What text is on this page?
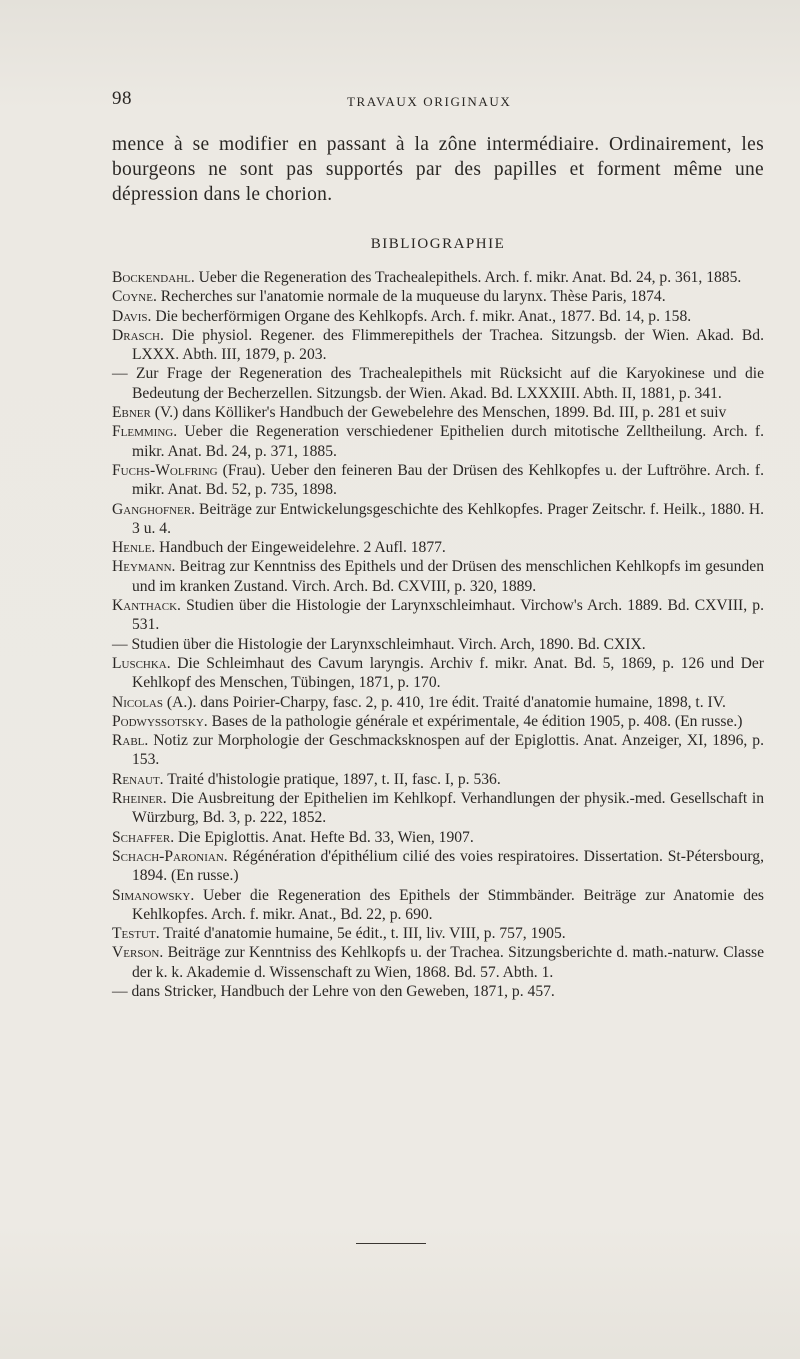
98	TRAVAUX ORIGINAUX

mence à se modifier en passant à la zône intermédiaire. Ordinairement, les bourgeons ne sont pas supportés par des papilles et forment même une dépression dans le chorion.

BIBLIOGRAPHIE

Bockendahl. Ueber die Regeneration des Trachealepithels. Arch. f. mikr. Anat. Bd. 24, p. 361, 1885.

Coyne. Recherches sur l'anatomie normale de la muqueuse du larynx. Thèse Paris, 1874.

Davis. Die becherförmigen Organe des Kehlkopfs. Arch. f. mikr. Anat., 1877. Bd. 14, p. 158.

Drasch. Die physiol. Regener. des Flimmerepithels der Trachea. Sitzungsb. der Wien. Akad. Bd. LXXX. Abth. III, 1879, p. 203.

— Zur Frage der Regeneration des Trachealepithels mit Rücksicht auf die Karyokinese und die Bedeutung der Becherzellen. Sitzungsb. der Wien. Akad. Bd. LXXXIII. Abth. II, 1881, p. 341.

Ebner (V.) dans Kölliker's Handbuch der Gewebelehre des Menschen, 1899. Bd. III, p. 281 et suiv

Flemming. Ueber die Regeneration verschiedener Epithelien durch mitotische Zelltheilung. Arch. f. mikr. Anat. Bd. 24, p. 371, 1885.

Fuchs-Wolfring (Frau). Ueber den feineren Bau der Drüsen des Kehlkopfes u. der Luftröhre. Arch. f. mikr. Anat. Bd. 52, p. 735, 1898.

Ganghofner. Beiträge zur Entwickelungsgeschichte des Kehlkopfes. Prager Zeitschr. f. Heilk., 1880. H. 3 u. 4.

Henle. Handbuch der Eingeweidelehre. 2 Aufl. 1877.

Heymann. Beitrag zur Kenntniss des Epithels und der Drüsen des menschlichen Kehlkopfs im gesunden und im kranken Zustand. Virch. Arch. Bd. CXVIII, p. 320, 1889.

Kanthack. Studien über die Histologie der Larynxschleimhaut. Virchow's Arch. 1889. Bd. CXVIII, p. 531.

— Studien über die Histologie der Larynxschleimhaut. Virch. Arch, 1890. Bd. CXIX.

Luschka. Die Schleimhaut des Cavum laryngis. Archiv f. mikr. Anat. Bd. 5, 1869, p. 126 und Der Kehlkopf des Menschen, Tübingen, 1871, p. 170.

Nicolas (A.). dans Poirier-Charpy, fasc. 2, p. 410, 1re édit. Traité d'anatomie humaine, 1898, t. IV.

Podwyssotsky. Bases de la pathologie générale et expérimentale, 4e édition 1905, p. 408. (En russe.)

Rabl. Notiz zur Morphologie der Geschmacksknospen auf der Epiglottis. Anat. Anzeiger, XI, 1896, p. 153.

Renaut. Traité d'histologie pratique, 1897, t. II, fasc. I, p. 536.

Rheiner. Die Ausbreitung der Epithelien im Kehlkopf. Verhandlungen der physik.-med. Gesellschaft in Würzburg, Bd. 3, p. 222, 1852.

Schaffer. Die Epiglottis. Anat. Hefte Bd. 33, Wien, 1907.

Schach-Paronian. Régénération d'épithélium cilié des voies respiratoires. Dissertation. St-Pétersbourg, 1894. (En russe.)

Simanowsky. Ueber die Regeneration des Epithels der Stimmbänder. Beiträge zur Anatomie des Kehlkopfes. Arch. f. mikr. Anat., Bd. 22, p. 690.

Testut. Traité d'anatomie humaine, 5e édit., t. III, liv. VIII, p. 757, 1905.

Verson. Beiträge zur Kenntniss des Kehlkopfs u. der Trachea. Sitzungsberichte d. math.-naturw. Classe der k. k. Akademie d. Wissenschaft zu Wien, 1868. Bd. 57. Abth. 1.

— dans Stricker, Handbuch der Lehre von den Geweben, 1871, p. 457.
